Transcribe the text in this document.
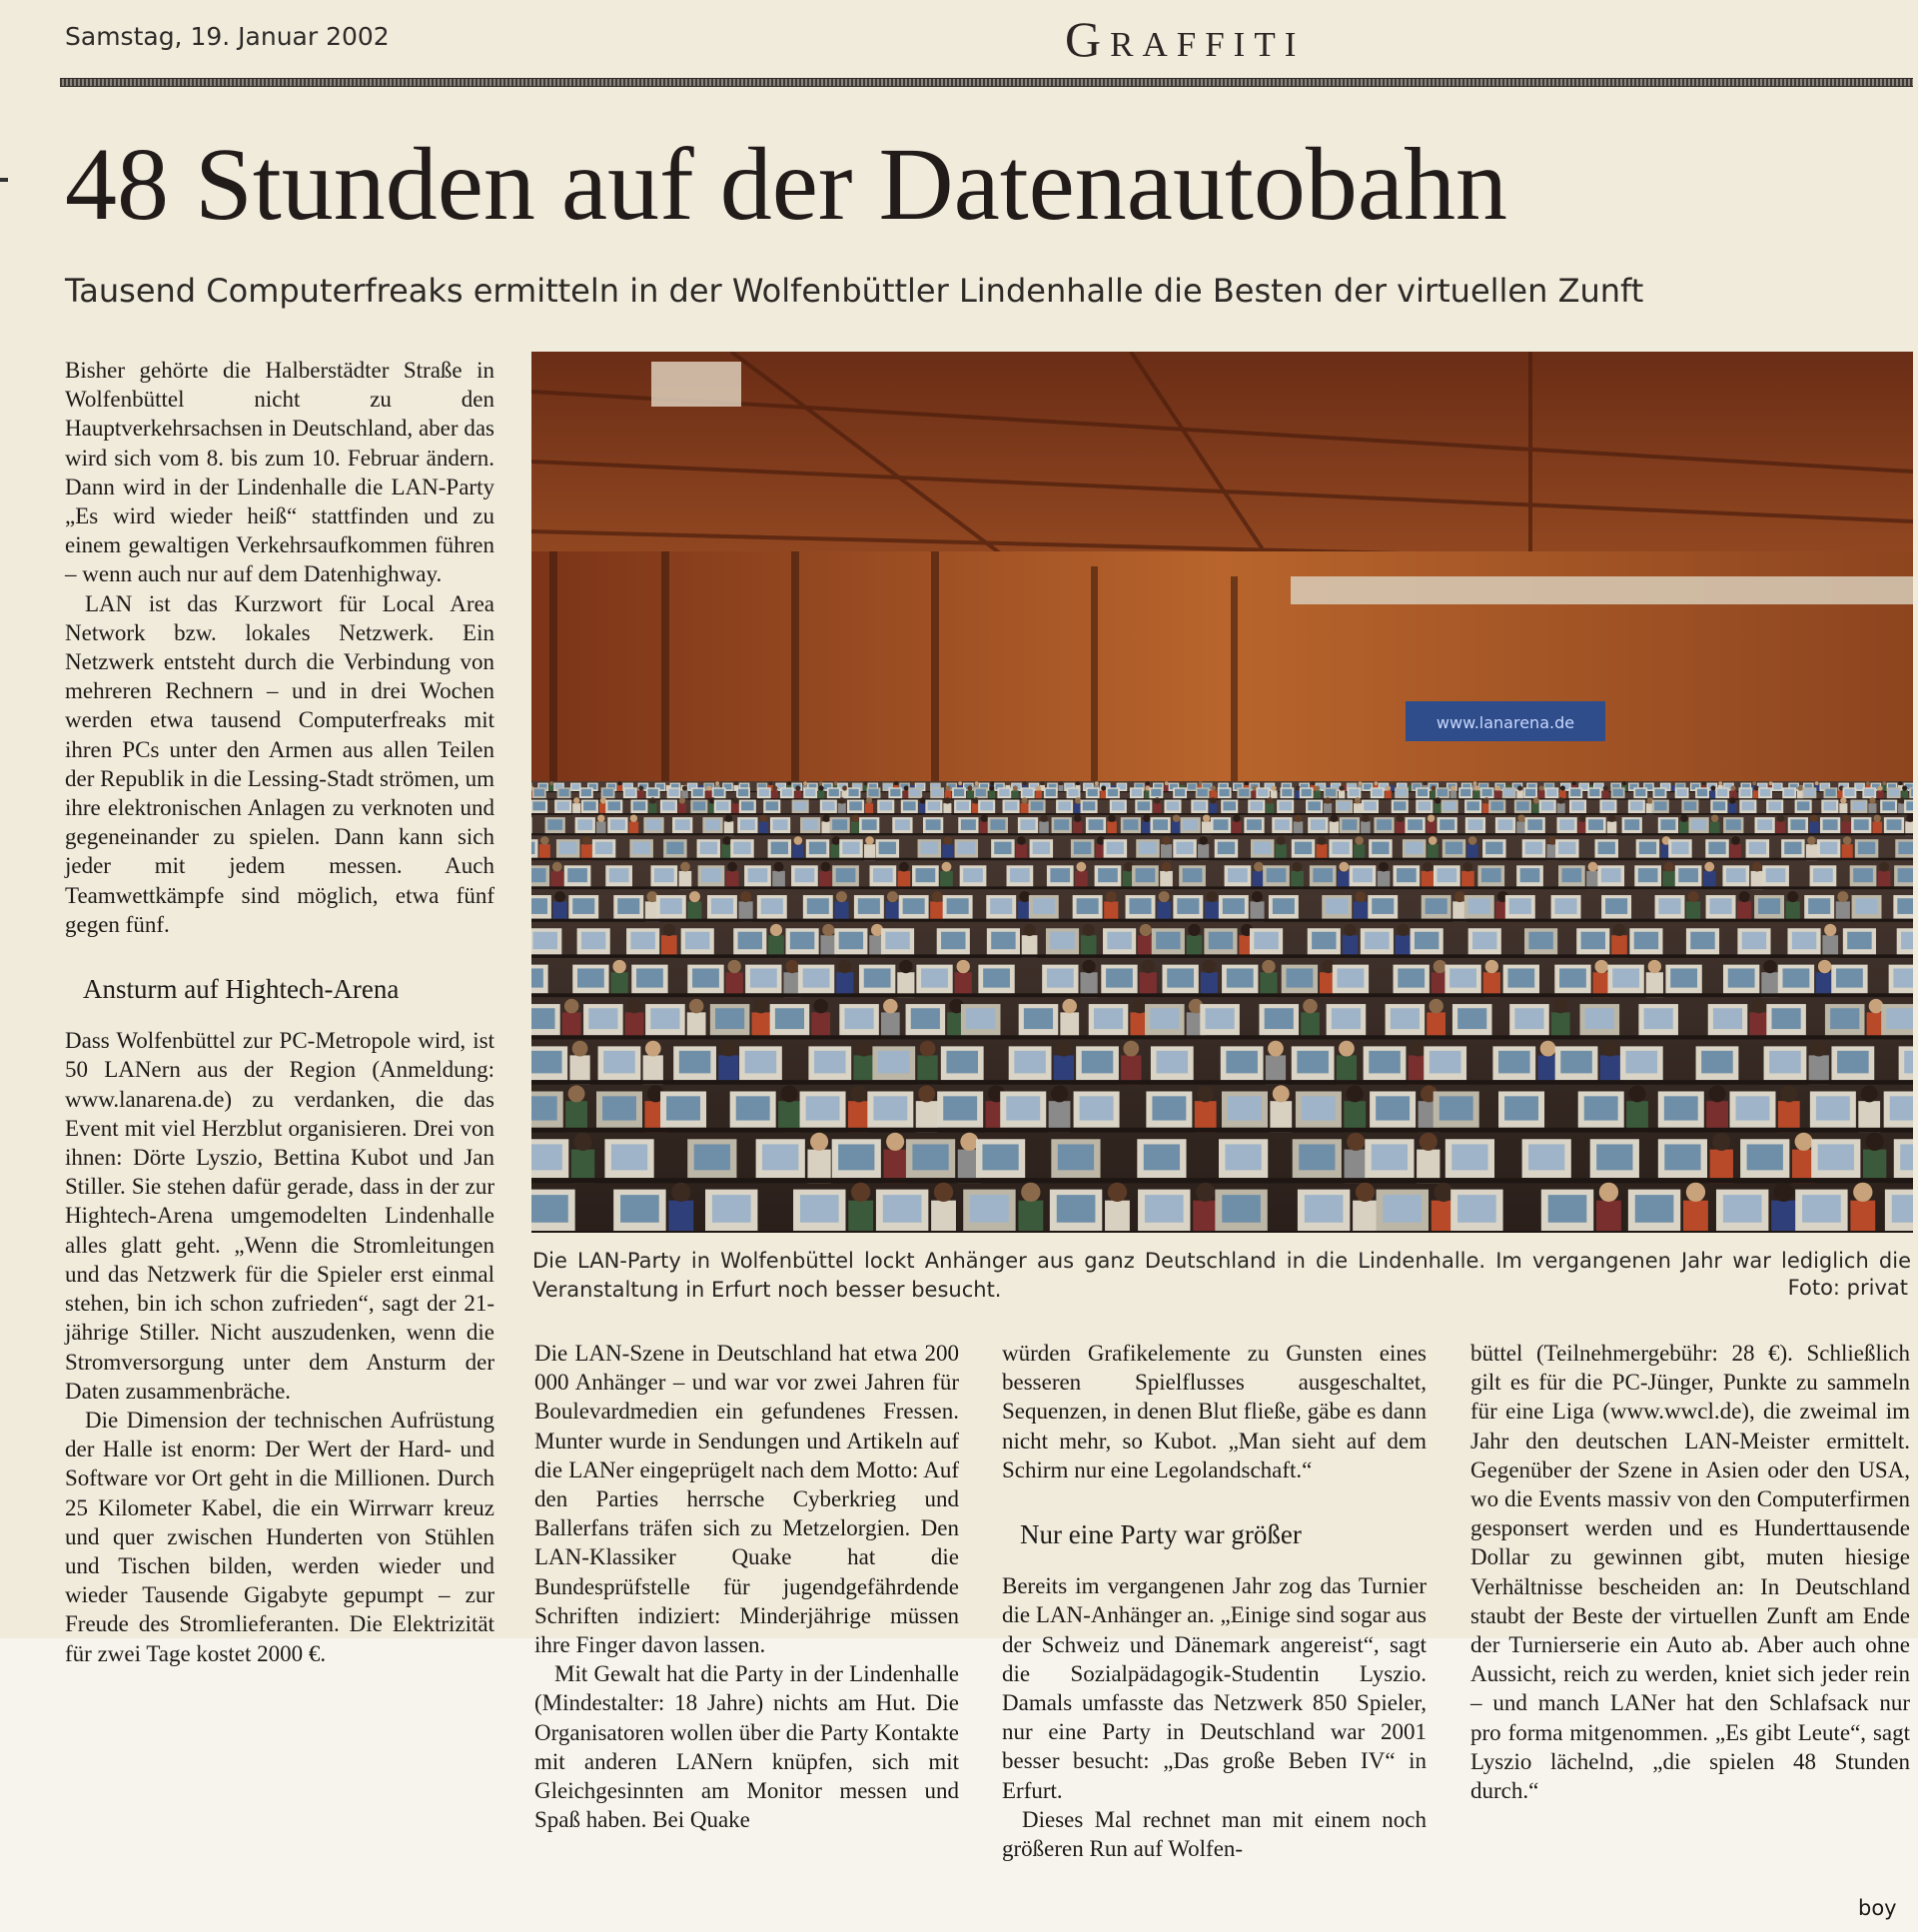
Samstag, 19. Januar 2002	Graffiti
48 Stunden auf der Datenautobahn
Tausend Computerfreaks ermitteln in der Wolfenbüttler Lindenhalle die Besten der virtuellen Zunft

Bisher gehörte die Halberstädter Straße in Wolfenbüttel nicht zu den Hauptverkehrsachsen in Deutschland, aber das wird sich vom 8. bis zum 10. Februar ändern. Dann wird in der Lindenhalle die LAN-Party „Es wird wieder heiß“ stattfinden und zu einem gewaltigen Verkehrsaufkommen führen – wenn auch nur auf dem Datenhighway.

LAN ist das Kurzwort für Local Area Network bzw. lokales Netzwerk. Ein Netzwerk entsteht durch die Verbindung von mehreren Rechnern – und in drei Wochen werden etwa tausend Computerfreaks mit ihren PCs unter den Armen aus allen Teilen der Republik in die Lessing-Stadt strömen, um ihre elektronischen Anlagen zu verknoten und gegeneinander zu spielen. Dann kann sich jeder mit jedem messen. Auch Teamwettkämpfe sind möglich, etwa fünf gegen fünf.

Ansturm auf Hightech-Arena

Dass Wolfenbüttel zur PC-Metropole wird, ist 50 LANern aus der Region (Anmeldung: www.lanarena.de) zu verdanken, die das Event mit viel Herzblut organisieren. Drei von ihnen: Dörte Lyszio, Bettina Kubot und Jan Stiller. Sie stehen dafür gerade, dass in der zur Hightech-Arena umgemodelten Lindenhalle alles glatt geht. „Wenn die Stromleitungen und das Netzwerk für die Spieler erst einmal stehen, bin ich schon zufrieden“, sagt der 21-jährige Stiller. Nicht auszudenken, wenn die Stromversorgung unter dem Ansturm der Daten zusammenbräche.

Die Dimension der technischen Aufrüstung der Halle ist enorm: Der Wert der Hard- und Software vor Ort geht in die Millionen. Durch 25 Kilometer Kabel, die ein Wirrwarr kreuz und quer zwischen Hunderten von Stühlen und Tischen bilden, werden wieder und wieder Tausende Gigabyte gepumpt – zur Freude des Stromlieferanten. Die Elektrizität für zwei Tage kostet 2000 €.

www.lanarena.de
Die LAN-Party in Wolfenbüttel lockt Anhänger aus ganz Deutschland in die Lindenhalle. Im vergangenen Jahr war lediglich die Veranstaltung in Erfurt noch besser besucht.	Foto: privat

Die LAN-Szene in Deutschland hat etwa 200 000 Anhänger – und war vor zwei Jahren für Boulevardmedien ein gefundenes Fressen. Munter wurde in Sendungen und Artikeln auf die LANer eingeprügelt nach dem Motto: Auf den Parties herrsche Cyberkrieg und Ballerfans träfen sich zu Metzelorgien. Den LAN-Klassiker Quake hat die Bundesprüfstelle für jugendgefährdende Schriften indiziert: Minderjährige müssen ihre Finger davon lassen.

Mit Gewalt hat die Party in der Lindenhalle (Mindestalter: 18 Jahre) nichts am Hut. Die Organisatoren wollen über die Party Kontakte mit anderen LANern knüpfen, sich mit Gleichgesinnten am Monitor messen und Spaß haben. Bei Quake

würden Grafikelemente zu Gunsten eines besseren Spielflusses ausgeschaltet, Sequenzen, in denen Blut fließe, gäbe es dann nicht mehr, so Kubot. „Man sieht auf dem Schirm nur eine Legolandschaft.“

Nur eine Party war größer

Bereits im vergangenen Jahr zog das Turnier die LAN-Anhänger an. „Einige sind sogar aus der Schweiz und Dänemark angereist“, sagt die Sozialpädagogik-Studentin Lyszio. Damals umfasste das Netzwerk 850 Spieler, nur eine Party in Deutschland war 2001 besser besucht: „Das große Beben IV“ in Erfurt.

Dieses Mal rechnet man mit einem noch größeren Run auf Wolfen-

büttel (Teilnehmergebühr: 28 €). Schließlich gilt es für die PC-Jünger, Punkte zu sammeln für eine Liga (www.wwcl.de), die zweimal im Jahr den deutschen LAN-Meister ermittelt. Gegenüber der Szene in Asien oder den USA, wo die Events massiv von den Computerfirmen gesponsert werden und es Hunderttausende Dollar zu gewinnen gibt, muten hiesige Verhältnisse bescheiden an: In Deutschland staubt der Beste der virtuellen Zunft am Ende der Turnierserie ein Auto ab. Aber auch ohne Aussicht, reich zu werden, kniet sich jeder rein – und manch LANer hat den Schlafsack nur pro forma mitgenommen. „Es gibt Leute“, sagt Lyszio lächelnd, „die spielen 48 Stunden durch.“

boy
